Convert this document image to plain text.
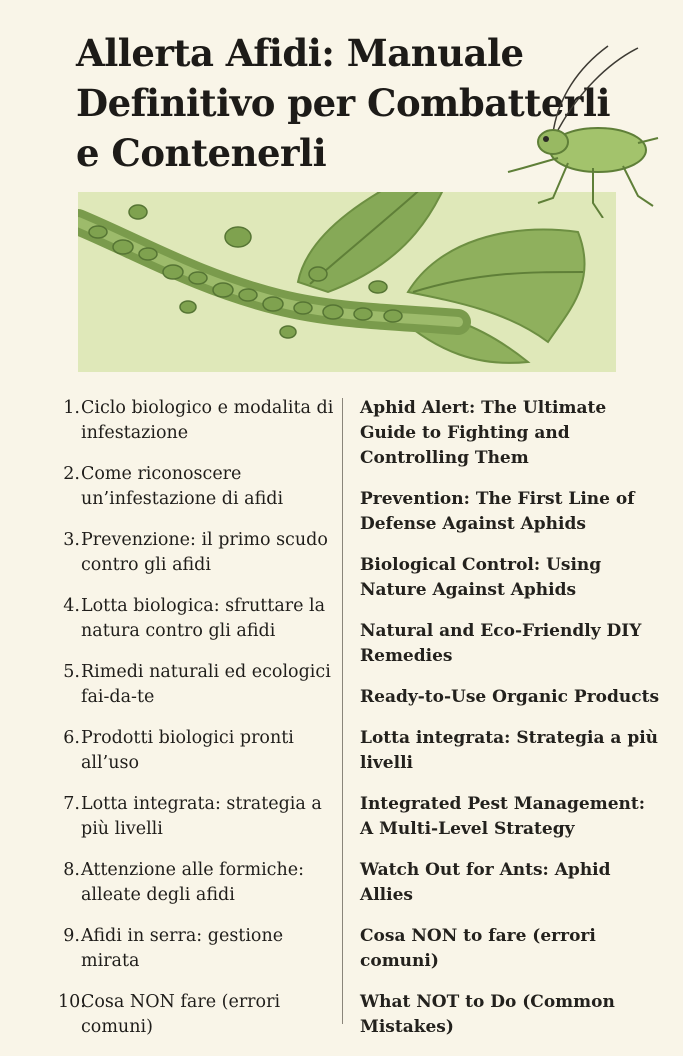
Allerta Afidi: Manuale Definitivo per Combatterli e Contenerli
1. Ciclo biologico e modalita di infestazione
2. Come riconoscere un’infestazione di afidi
3. Prevenzione: il primo scudo contro gli afidi
4. Lotta biologica: sfruttare la natura contro gli afidi
5. Rimedi naturali ed ecologici fai-da-te
6. Prodotti biologici pronti all’uso
7. Lotta integrata: strategia a più livelli
8. Attenzione alle formiche: alleate degli afidi
9. Afidi in serra: gestione mirata
10.
Cosa NON fare (errori comuni)
Aphid Alert: The Ultimate Guide to Fighting and Controlling Them
Prevention: The First Line of Defense Against Aphids
Biological Control: Using Nature Against Aphids
Natural and Eco-Friendly DIY Remedies
Ready-to-Use Organic Products
Lotta integrata: Strategia a più livelli
Integrated Pest Management: A Multi-Level Strategy
Watch Out for Ants: Aphid Allies
Cosa NON to fare (errori comuni)
What NOT to Do (Common Mistakes)
